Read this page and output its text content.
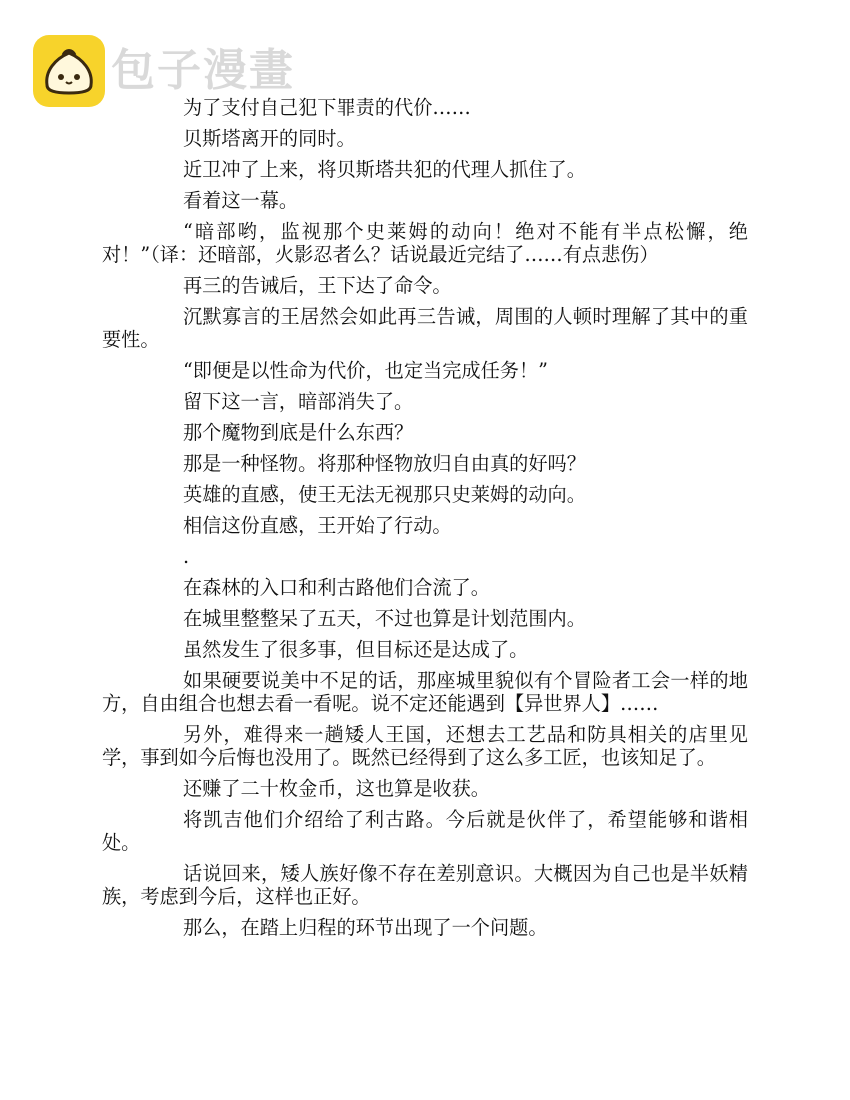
包子漫畫

为了支付自己犯下罪责的代价……

贝斯塔离开的同时。

近卫冲了上来，将贝斯塔共犯的代理人抓住了。

看着这一幕。

“暗部哟，监视那个史莱姆的动向！绝对不能有半点松懈，绝对！”（译：还暗部，火影忍者么？话说最近完结了……有点悲伤）

再三的告诫后，王下达了命令。

沉默寡言的王居然会如此再三告诫，周围的人顿时理解了其中的重要性。

“即便是以性命为代价，也定当完成任务！”

留下这一言，暗部消失了。

那个魔物到底是什么东西？

那是一种怪物。将那种怪物放归自由真的好吗？

英雄的直感，使王无法无视那只史莱姆的动向。

相信这份直感，王开始了行动。

.

在森林的入口和利古路他们合流了。

在城里整整呆了五天，不过也算是计划范围内。

虽然发生了很多事，但目标还是达成了。

如果硬要说美中不足的话，那座城里貌似有个冒险者工会一样的地方，自由组合也想去看一看呢。说不定还能遇到【异世界人】……

另外，难得来一趟矮人王国，还想去工艺品和防具相关的店里见学，事到如今后悔也没用了。既然已经得到了这么多工匠，也该知足了。

还赚了二十枚金币，这也算是收获。

将凯吉他们介绍给了利古路。今后就是伙伴了，希望能够和谐相处。

话说回来，矮人族好像不存在差别意识。大概因为自己也是半妖精族，考虑到今后，这样也正好。

那么，在踏上归程的环节出现了一个问题。
